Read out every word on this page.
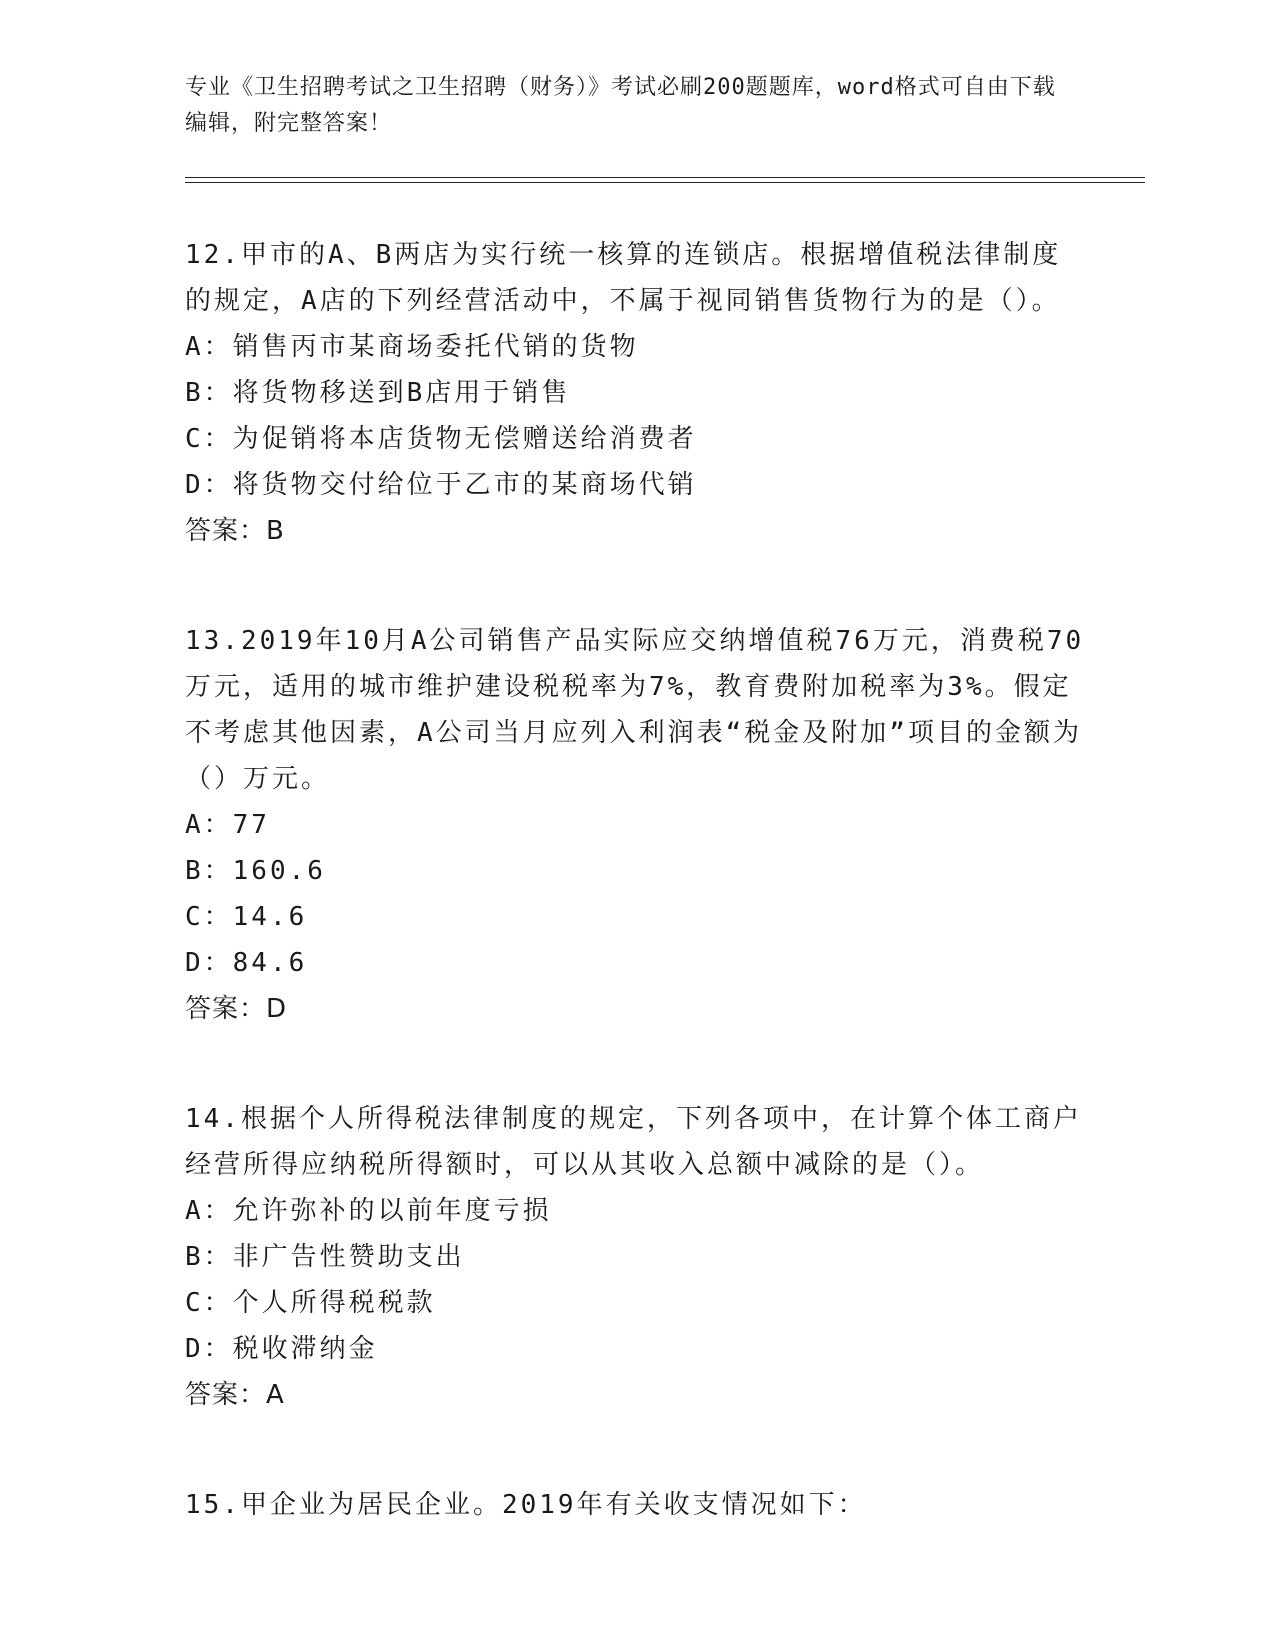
专业《卫生招聘考试之卫生招聘（财务）》考试必刷200题题库，word格式可自由下载编辑，附完整答案！

12.甲市的A、B两店为实行统一核算的连锁店。根据增值税法律制度的规定，A店的下列经营活动中，不属于视同销售货物行为的是（）。

A：销售丙市某商场委托代销的货物

B：将货物移送到B店用于销售

C：为促销将本店货物无偿赠送给消费者

D：将货物交付给位于乙市的某商场代销

答案：B

13.2019年10月A公司销售产品实际应交纳增值税76万元，消费税70万元，适用的城市维护建设税税率为7%，教育费附加税率为3%。假定不考虑其他因素，A公司当月应列入利润表“税金及附加”项目的金额为（）万元。

A：77

B：160.6

C：14.6

D：84.6

答案：D

14.根据个人所得税法律制度的规定，下列各项中，在计算个体工商户经营所得应纳税所得额时，可以从其收入总额中减除的是（）。

A：允许弥补的以前年度亏损

B：非广告性赞助支出

C：个人所得税税款

D：税收滞纳金

答案：A

15.甲企业为居民企业。2019年有关收支情况如下：
